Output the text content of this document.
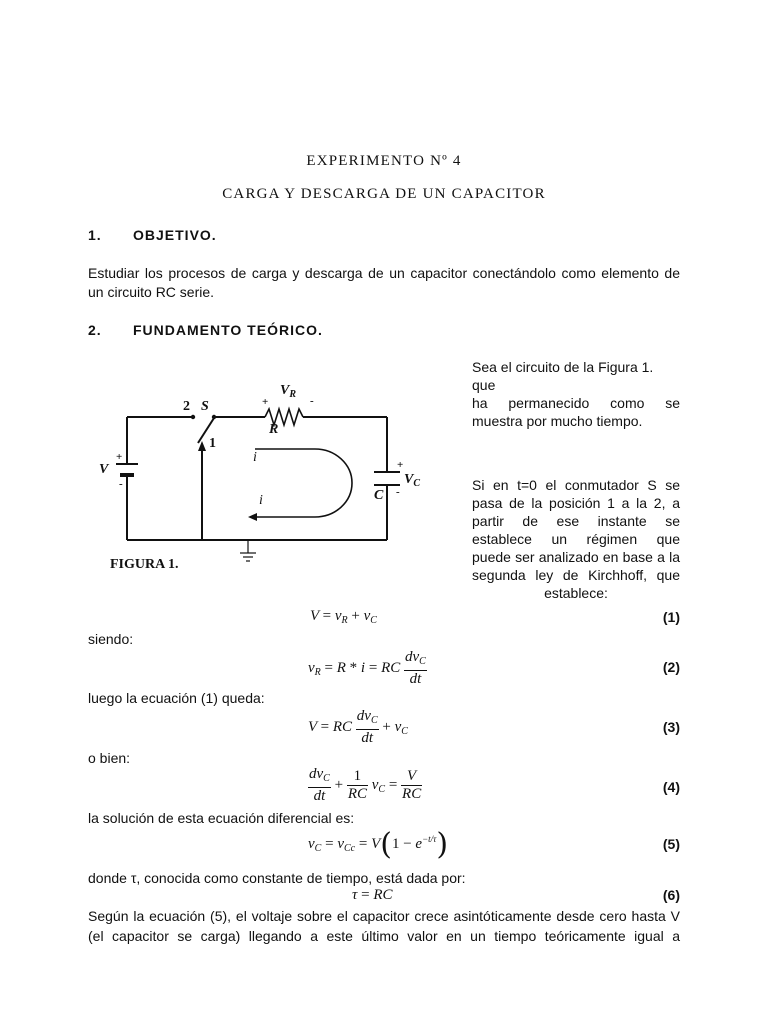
EXPERIMENTO Nº 4
CARGA Y DESCARGA DE UN CAPACITOR
1. OBJETIVO.
Estudiar los procesos de carga y descarga de un capacitor conectándolo como elemento de
un circuito RC serie.
2. FUNDAMENTO TEÓRICO.
Sea el circuito de la Figura 1. que
ha permanecido como se
muestra por mucho tiempo.
Si en t=0 el conmutador S se
pasa de la posición 1 a la 2, a
partir de ese instante se
establece un régimen que
puede ser analizado en base a la
segunda ley de Kirchhoff, que
establece:
V
+
-
2 S
1
$V_R$
+	-
R
+
-
$V_C$
C
i
i
FIGURA 1.
$V = v_R + v_C$	(1)
siendo:
$v_R = R * i$ = RC $\frac{dv_C}{dt}$	(2)
luego la ecuación (1) queda:
V = RC $\frac{dv_C}{dt} + v_C$	(3)
o bien:
$\frac{dv_C}{dt} + \frac{1}{RC} v_C = \frac{V}{RC}$	(4)
la solución de esta ecuación diferencial es:
$v_C = v_{Cc} = V(1 - e^{-t/\tau})$	(5)
donde τ, conocida como constante de tiempo, está dada por:
τ = RC	(6)
Según la ecuación (5), el voltaje sobre el capacitor crece asintóticamente desde cero hasta V
(el capacitor se carga) llegando a este último valor en un tiempo teóricamente igual a
